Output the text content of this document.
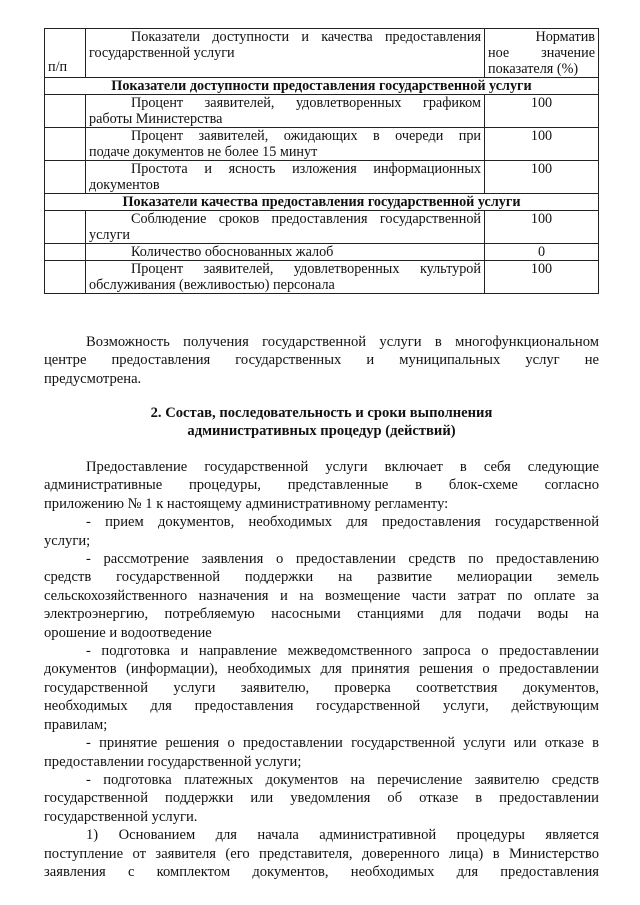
п/п	Показатели доступности и качества предоставления государственной услуги	Норматив
ное значение
показателя (%)

Показатели доступности предоставления государственной услуги		

	Процент заявителей, удовлетворенных графиком
работы Министерства	100

	Процент заявителей, ожидающих в очереди при
подаче документов не более 15 минут	100

	Простота и ясность изложения информационных
документов	100
Показатели качества предоставления государственной услуги		

	Соблюдение сроков предоставления государственной
услуги	100

	Количество обоснованных жалоб	0

	Процент заявителей, удовлетворенных культурой
обслуживания (вежливостью) персонала	100
Возможность получения государственной услуги в многофункциональном
центре предоставления государственных и муниципальных услуг не
предусмотрена.

2. Состав, последовательность и сроки выполнения

административных процедур (действий)

Предоставление государственной услуги включает в себя следующие
административные процедуры, представленные в блок-схеме согласно
приложению № 1 к настоящему административному регламенту:
- прием документов, необходимых для предоставления государственной
услуги;
- рассмотрение заявления о предоставлении средств по предоставлению
средств государственной поддержки на развитие мелиорации земель
сельскохозяйственного назначения и на возмещение части затрат по оплате за
электроэнергию, потребляемую насосными станциями для подачи воды на
орошение и водоотведение
- подготовка и направление межведомственного запроса о предоставлении
документов (информации), необходимых для принятия решения о предоставлении
государственной услуги заявителю, проверка соответствия документов,
необходимых для предоставления государственной услуги, действующим
правилам;
- принятие решения о предоставлении государственной услуги или отказе в
предоставлении государственной услуги;
- подготовка платежных документов на перечисление заявителю средств
государственной поддержки или уведомления об отказе в предоставлении
государственной услуги.
1) Основанием для начала административной процедуры является
поступление от заявителя (его представителя, доверенного лица) в Министерство
заявления с комплектом документов, необходимых для предоставления
